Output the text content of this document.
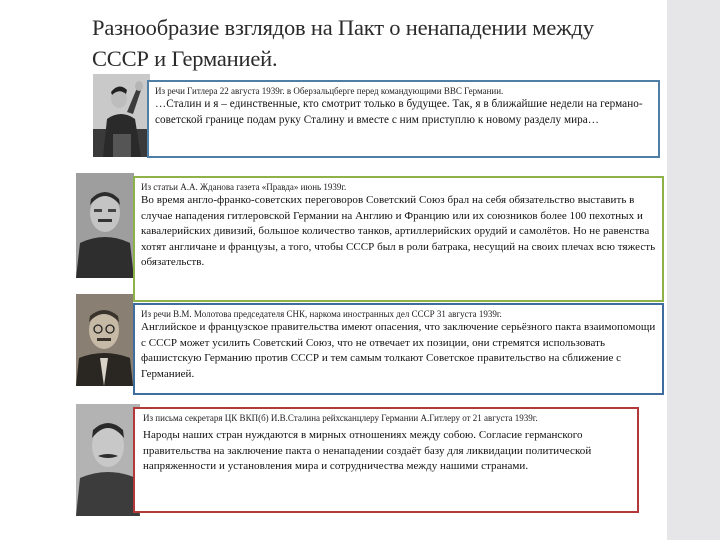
Разнообразие взглядов на Пакт о ненападении между СССР и Германией.
Из речи Гитлера 22 августа 1939г. в Оберзальцберге перед командующими ВВС Германии.
…Сталин и я – единственные, кто смотрит только в будущее. Так, я в ближайшие недели на германо-советской границе подам руку Сталину и вместе с ним приступлю к новому разделу мира…
Из статьи А.А. Жданова газета «Правда» июнь 1939г.
Во время англо-франко-советских переговоров Советский Союз брал на себя обязательство выставить в случае нападения гитлеровской Германии на Англию и Францию или их союзников более 100 пехотных и кавалерийских дивизий, большое количество танков, артиллерийских орудий и самолётов. Но не равенства хотят англичане и французы, а того, чтобы СССР был в роли батрака, несущий на своих плечах всю тяжесть обязательств.
Из речи В.М. Молотова председателя СНК, наркома иностранных дел СССР 31 августа 1939г.
Английское и французское правительства имеют опасения, что заключение серьёзного пакта взаимопомощи с СССР может усилить Советский Союз, что не отвечает их позиции, они стремятся использовать фашистскую Германию против СССР и тем самым толкают Советское правительство на сближение с Германией.
Из письма секретаря ЦК ВКП(б) И.В.Сталина рейхсканцлеру Германии А.Гитлеру от 21 августа 1939г.
Народы наших стран нуждаются в мирных отношениях между собою. Согласие германского правительства на заключение пакта о ненападении создаёт базу для ликвидации политической напряженности и установления мира и сотрудничества между нашими странами.
